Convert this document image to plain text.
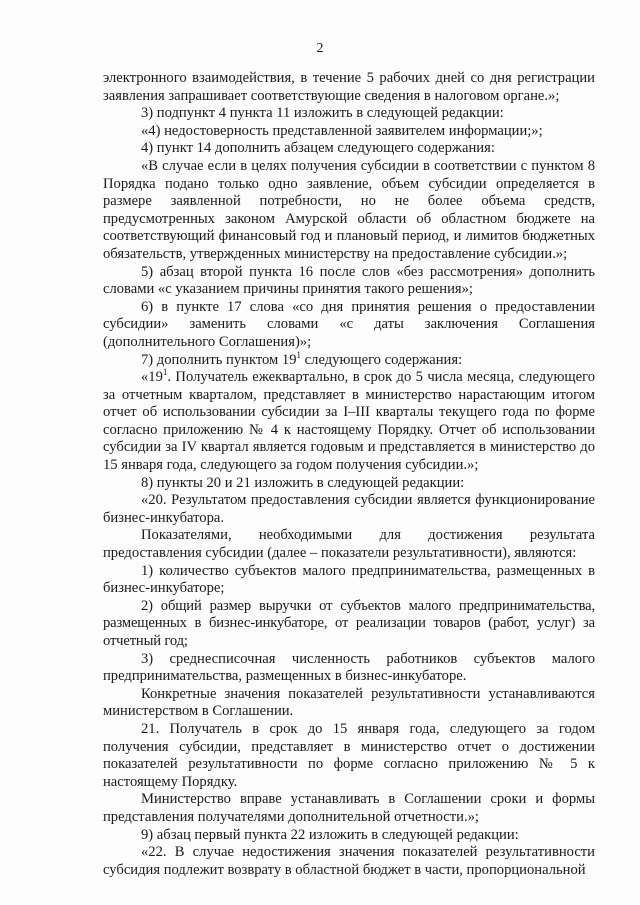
2

электронного взаимодействия, в течение 5 рабочих дней со дня регистрации заявления запрашивает соответствующие сведения в налоговом органе.»;

3) подпункт 4 пункта 11 изложить в следующей редакции:

«4) недостоверность представленной заявителем информации;»;

4) пункт 14 дополнить абзацем следующего содержания:

«В случае если в целях получения субсидии в соответствии с пунктом 8 Порядка подано только одно заявление, объем субсидии определяется в размере заявленной потребности, но не более объема средств, предусмотренных законом Амурской области об областном бюджете на соответствующий финансовый год и плановый период, и лимитов бюджетных обязательств, утвержденных министерству на предоставление субсидии.»;

5) абзац второй пункта 16 после слов «без рассмотрения» дополнить словами «с указанием причины принятия такого решения»;

6) в пункте 17 слова «со дня принятия решения о предоставлении субсидии» заменить словами «с даты заключения Соглашения (дополнительного Соглашения)»;

7) дополнить пунктом $19^1$ следующего содержания:

«$19^1$. Получатель ежеквартально, в срок до 5 числа месяца, следующего за отчетным кварталом, представляет в министерство нарастающим итогом отчет об использовании субсидии за I–III кварталы текущего года по форме согласно приложению № 4 к настоящему Порядку. Отчет об использовании субсидии за IV квартал является годовым и представляется в министерство до 15 января года, следующего за годом получения субсидии.»;

8) пункты 20 и 21 изложить в следующей редакции:

«20. Результатом предоставления субсидии является функционирование бизнес-инкубатора.

Показателями, необходимыми для достижения результата предоставления субсидии (далее – показатели результативности), являются:

1) количество субъектов малого предпринимательства, размещенных в бизнес-инкубаторе;

2) общий размер выручки от субъектов малого предпринимательства, размещенных в бизнес-инкубаторе, от реализации товаров (работ, услуг) за отчетный год;

3) среднесписочная численность работников субъектов малого предпринимательства, размещенных в бизнес-инкубаторе.

Конкретные значения показателей результативности устанавливаются министерством в Соглашении.

21. Получатель в срок до 15 января года, следующего за годом получения субсидии, представляет в министерство отчет о достижении показателей результативности по форме согласно приложению № 5 к настоящему Порядку.

Министерство вправе устанавливать в Соглашении сроки и формы представления получателями дополнительной отчетности.»;

9) абзац первый пункта 22 изложить в следующей редакции:

«22. В случае недостижения значения показателей результативности субсидия подлежит возврату в областной бюджет в части, пропорциональной
